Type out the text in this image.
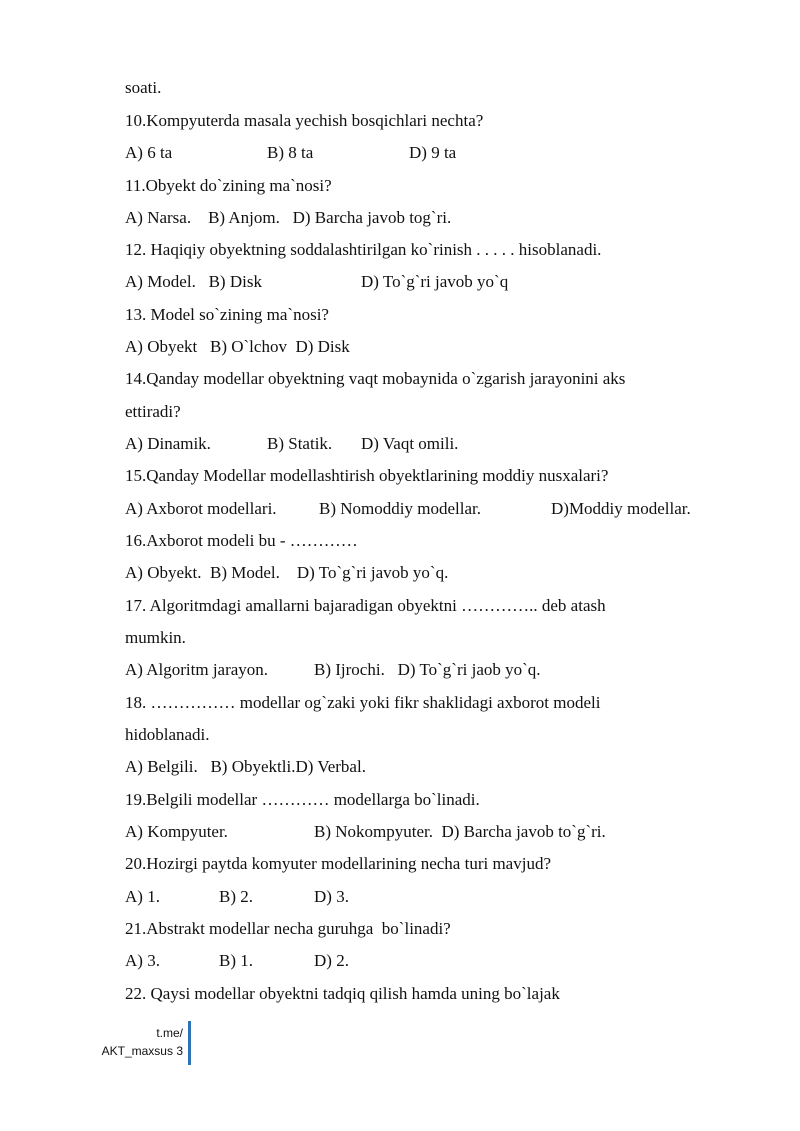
soati.
10.Kompyuterda masala yechish bosqichlari nechta?
A) 6 ta	B) 8 ta	D) 9 ta
11.Obyekt do`zining ma`nosi?
A) Narsa.    B) Anjom.   D) Barcha javob tog`ri.
12. Haqiqiy obyektning soddalashtirilgan ko`rinish . . . . . hisoblanadi.
A) Model.   B) Disk	D) To`g`ri javob yo`q
13. Model so`zining ma`nosi?
A) Obyekt   B) O`lchov  D) Disk
14.Qanday modellar obyektning vaqt mobaynida o`zgarish jarayonini aks
ettiradi?
A) Dinamik.	B) Statik. D) Vaqt omili.
15.Qanday Modellar modellashtirish obyektlarining moddiy nusxalari?
A) Axborot modellari. B) Nomoddiy modellar.	D)Moddiy modellar.
16.Axborot modeli bu - …………
A) Obyekt.  B) Model.    D) To`g`ri javob yo`q.
17. Algoritmdagi amallarni bajaradigan obyektni ………….. deb atash
mumkin.
A) Algoritm jarayon.	B) Ijrochi.   D) To`g`ri jaob yo`q.
18. …………… modellar og`zaki yoki fikr shaklidagi axborot modeli
hidoblanadi.
A) Belgili.   B) Obyektli.D) Verbal.
19.Belgili modellar ………… modellarga bo`linadi.
A) Kompyuter.	B) Nokompyuter.  D) Barcha javob to`g`ri.
20.Hozirgi paytda komyuter modellarining necha turi mavjud?
A) 1.	B) 2.	D) 3.
21.Abstrakt modellar necha guruhga  bo`linadi?
A) 3.	B) 1.	D) 2.
22. Qaysi modellar obyektni tadqiq qilish hamda uning bo`lajak
t.me/
AKT_maxsus 3
